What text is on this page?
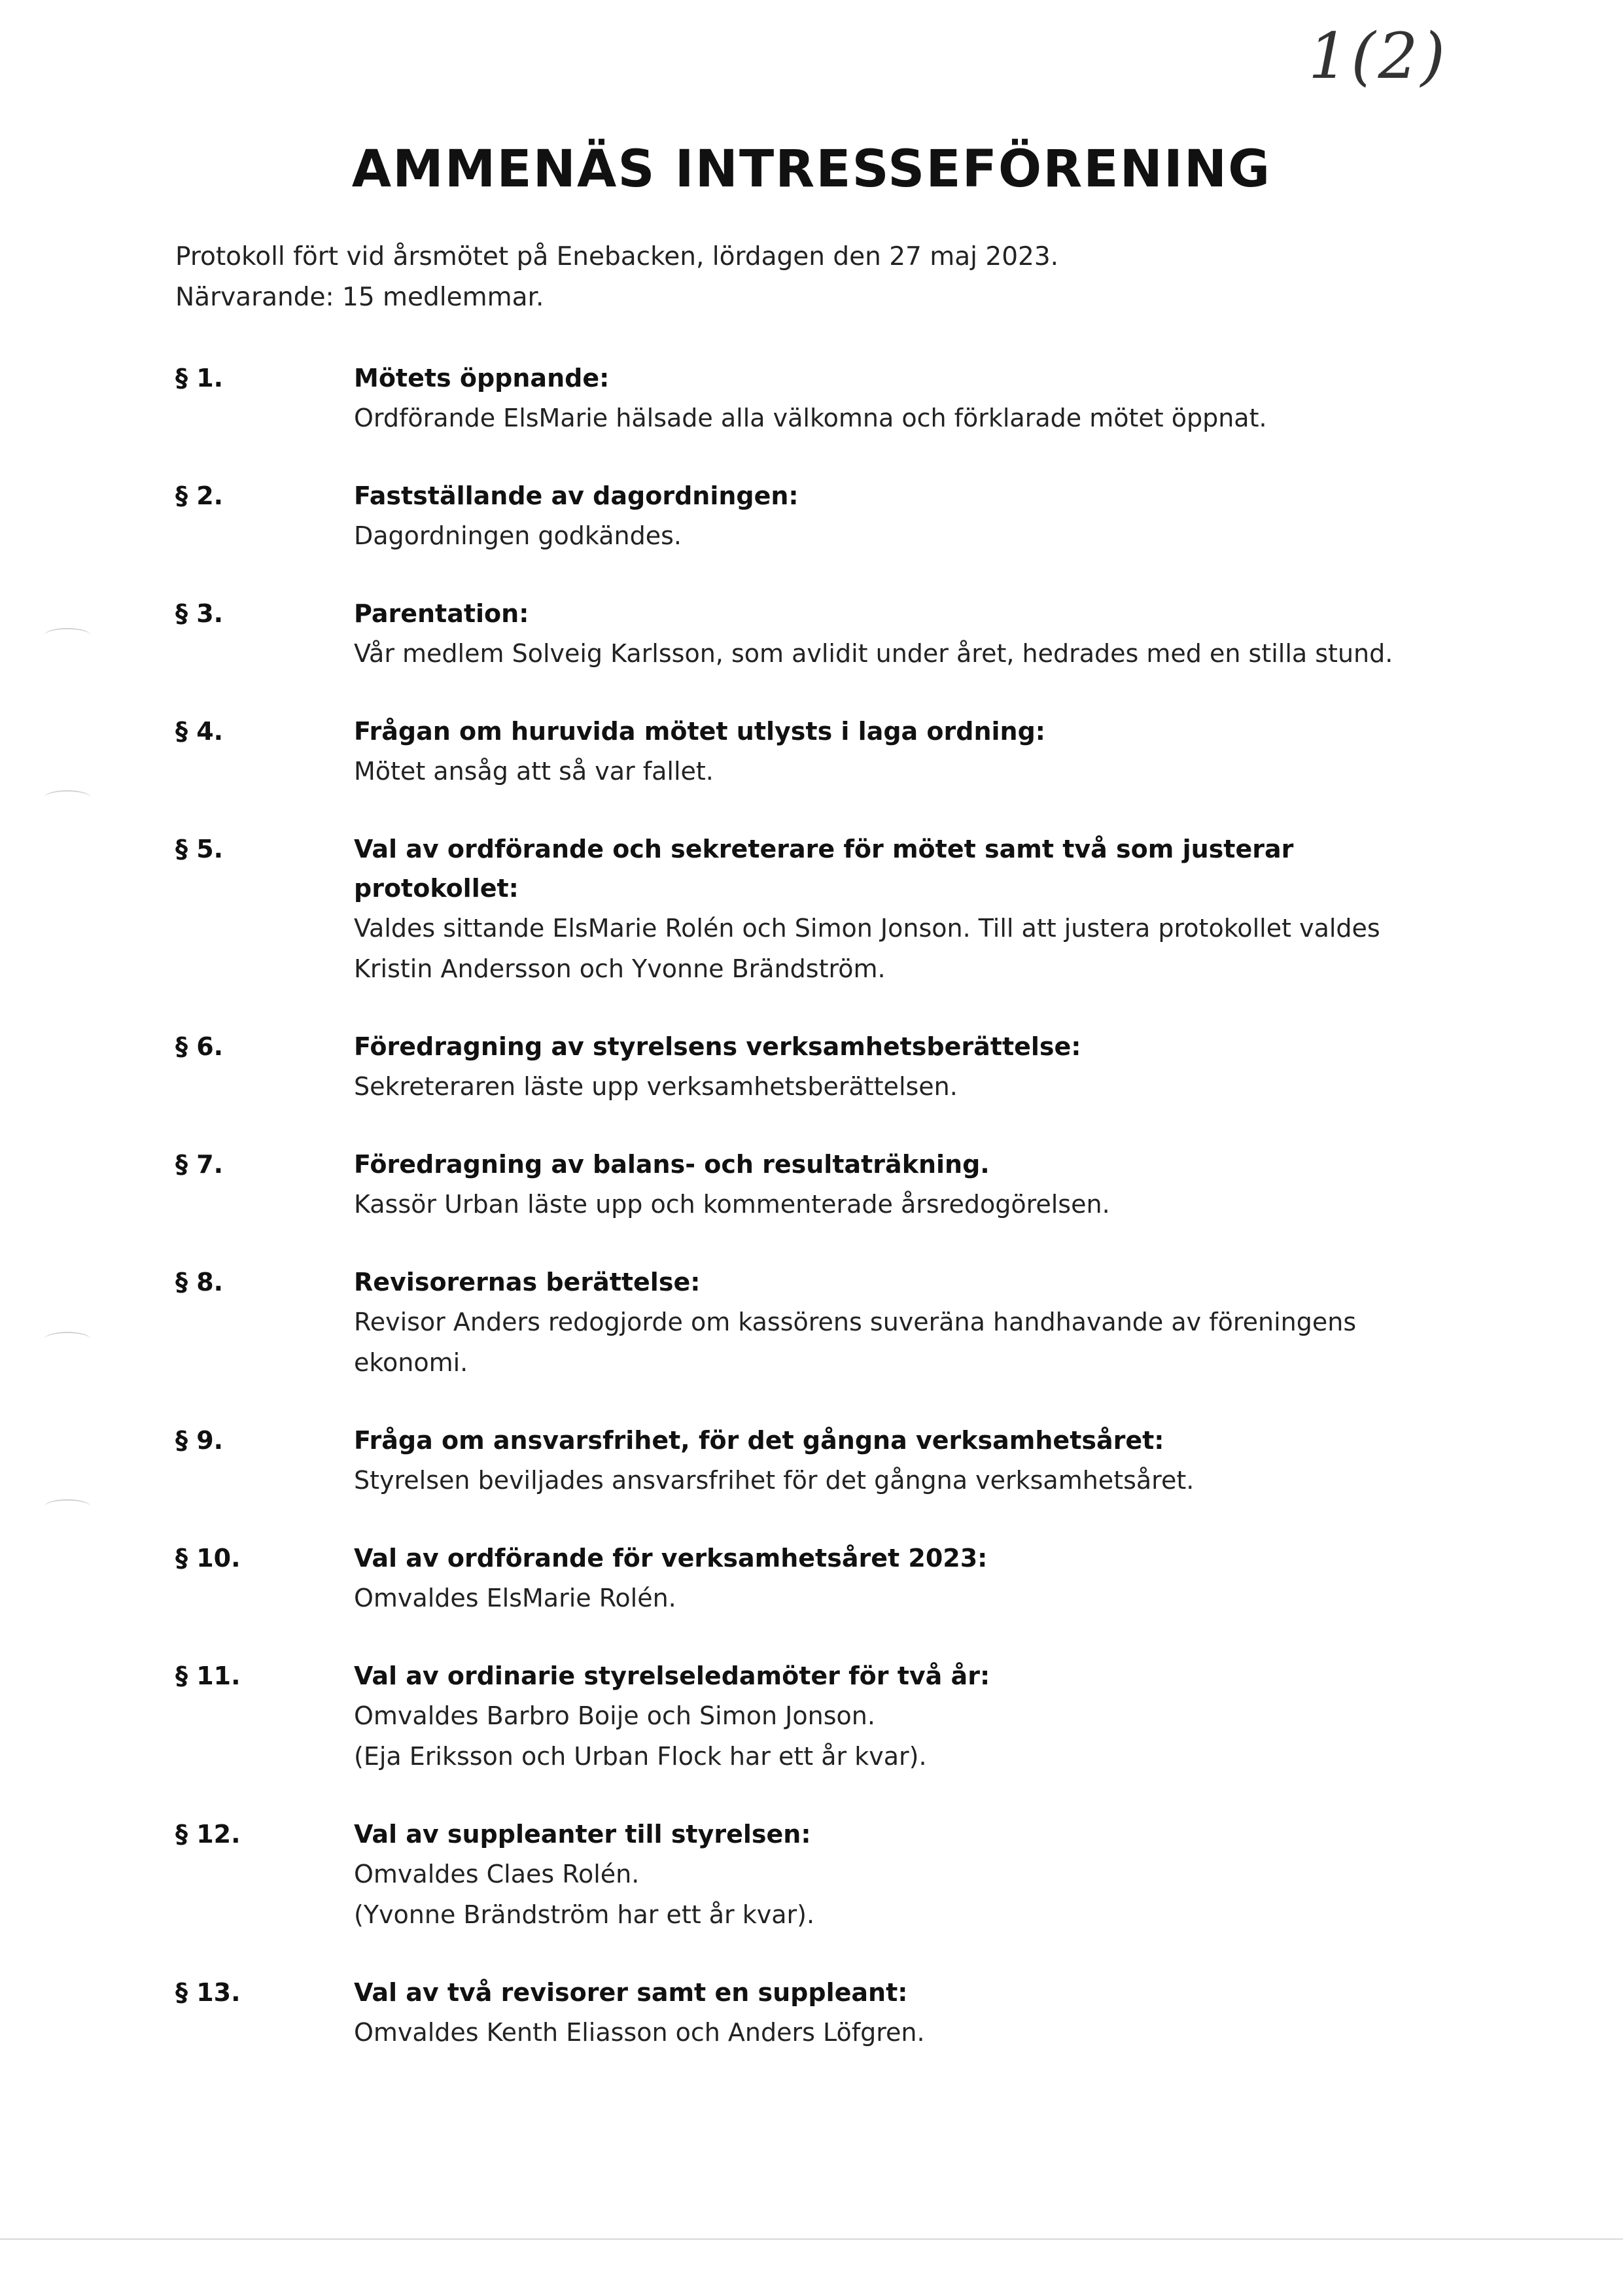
1(2)
AMMENÄS INTRESSEFÖRENING
Protokoll fört vid årsmötet på Enebacken, lördagen den 27 maj 2023.
Närvarande: 15 medlemmar.
§ 1.	Mötets öppnande:
Ordförande ElsMarie hälsade alla välkomna och förklarade mötet öppnat.
§ 2.	Fastställande av dagordningen:
Dagordningen godkändes.
§ 3.	Parentation:
Vår medlem Solveig Karlsson, som avlidit under året, hedrades med en stilla stund.
§ 4.	Frågan om huruvida mötet utlysts i laga ordning:
Mötet ansåg att så var fallet.
§ 5.	Val av ordförande och sekreterare för mötet samt två som justerar protokollet:
Valdes sittande ElsMarie Rolén och Simon Jonson. Till att justera protokollet valdes
Kristin Andersson och Yvonne Brändström.
§ 6.	Föredragning av styrelsens verksamhetsberättelse:
Sekreteraren läste upp verksamhetsberättelsen.
§ 7.	Föredragning av balans- och resultaträkning.
Kassör Urban läste upp och kommenterade årsredogörelsen.
§ 8.	Revisorernas berättelse:
Revisor Anders redogjorde om kassörens suveräna handhavande av föreningens
ekonomi.
§ 9.	Fråga om ansvarsfrihet, för det gångna verksamhetsåret:
Styrelsen beviljades ansvarsfrihet för det gångna verksamhetsåret.
§ 10.	Val av ordförande för verksamhetsåret 2023:
Omvaldes ElsMarie Rolén.
§ 11.	Val av ordinarie styrelseledamöter för två år:
Omvaldes Barbro Boije och Simon Jonson.
(Eja Eriksson och Urban Flock har ett år kvar).
§ 12.	Val av suppleanter till styrelsen:
Omvaldes Claes Rolén.
(Yvonne Brändström har ett år kvar).
§ 13.	Val av två revisorer samt en suppleant:
Omvaldes Kenth Eliasson och Anders Löfgren.
